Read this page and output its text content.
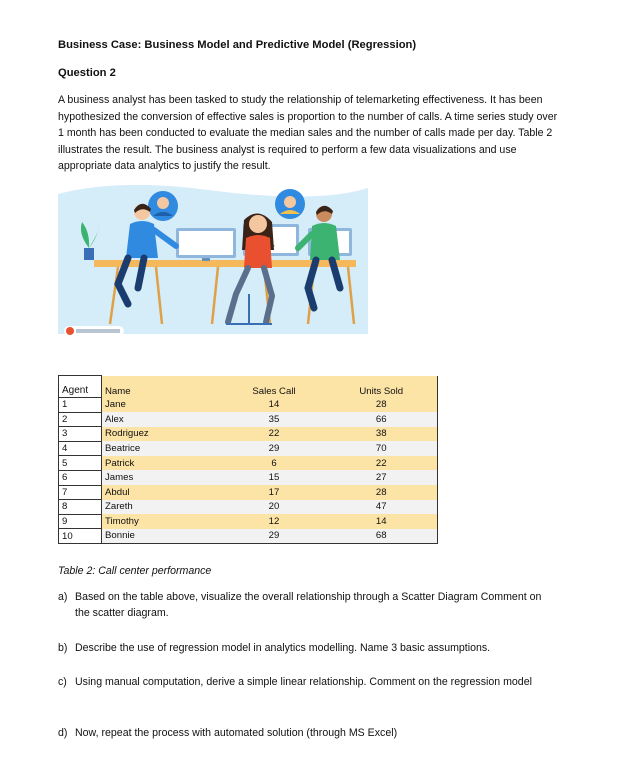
Business Case: Business Model and Predictive Model (Regression)
Question 2

A business analyst has been tasked to study the relationship of telemarketing effectiveness. It has been hypothesized the conversion of effective sales is proportion to the number of calls. A time series study over 1 month has been conducted to evaluate the median sales and the number of calls made per day. Table 2 illustrates the result. The business analyst is required to perform a few data visualizations and use appropriate data analytics to justify the result.

Agent	Name	Sales Call	Units Sold
1	Jane	14	28
2	Alex	35	66
3	Rodriguez	22	38
4	Beatrice	29	70
5	Patrick	6	22
6	James	15	27
7	Abdul	17	28
8	Zareth	20	47
9	Timothy	12	14
10	Bonnie	29	68
Table 2: Call center performance
a) Based on the table above, visualize the overall relationship through a Scatter Diagram Comment on the scatter diagram.
b) Describe the use of regression model in analytics modelling. Name 3 basic assumptions.
c) Using manual computation, derive a simple linear relationship. Comment on the regression model
d) Now, repeat the process with automated solution (through MS Excel)
